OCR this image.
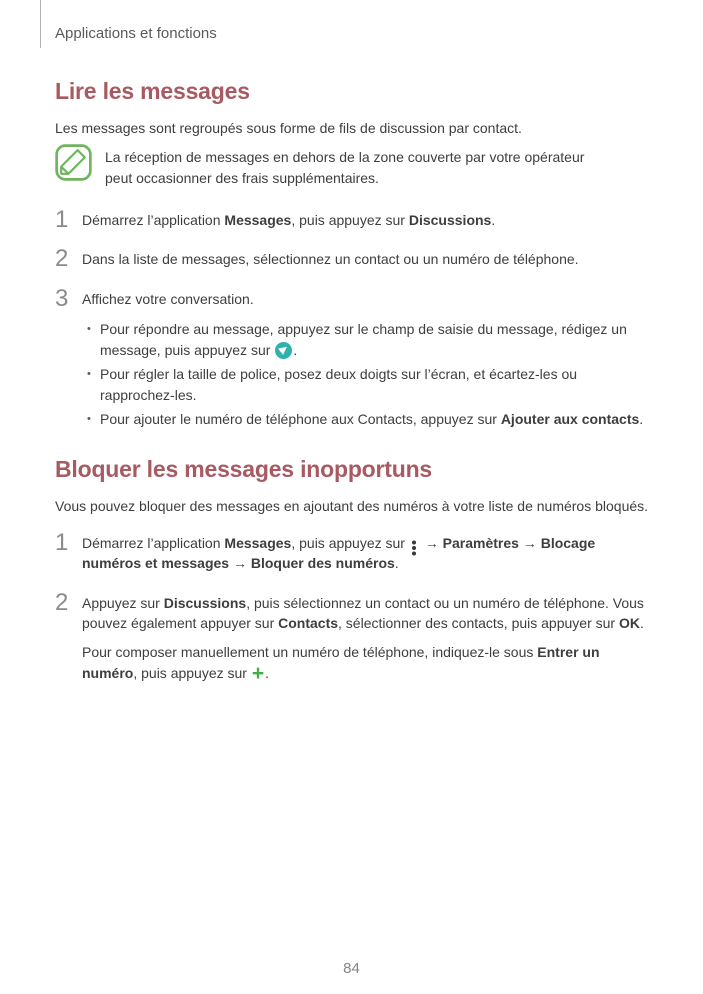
Applications et fonctions
Lire les messages

Les messages sont regroupés sous forme de fils de discussion par contact.

La réception de messages en dehors de la zone couverte par votre opérateur peut occasionner des frais supplémentaires.

1 Démarrez l’application Messages, puis appuyez sur Discussions.
2 Dans la liste de messages, sélectionnez un contact ou un numéro de téléphone.
3 Affichez votre conversation.
• Pour répondre au message, appuyez sur le champ de saisie du message, rédigez un message, puis appuyez sur .
• Pour régler la taille de police, posez deux doigts sur l’écran, et écartez-les ou rapprochez-les.
• Pour ajouter le numéro de téléphone aux Contacts, appuyez sur Ajouter aux contacts.
Bloquer les messages inopportuns

Vous pouvez bloquer des messages en ajoutant des numéros à votre liste de numéros bloqués.

1 Démarrez l’application Messages, puis appuyez sur  → Paramètres → Blocage numéros et messages → Bloquer des numéros.
2 Appuyez sur Discussions, puis sélectionnez un contact ou un numéro de téléphone. Vous pouvez également appuyer sur Contacts, sélectionner des contacts, puis appuyer sur OK.
Pour composer manuellement un numéro de téléphone, indiquez-le sous Entrer un numéro, puis appuyez sur +.
84
